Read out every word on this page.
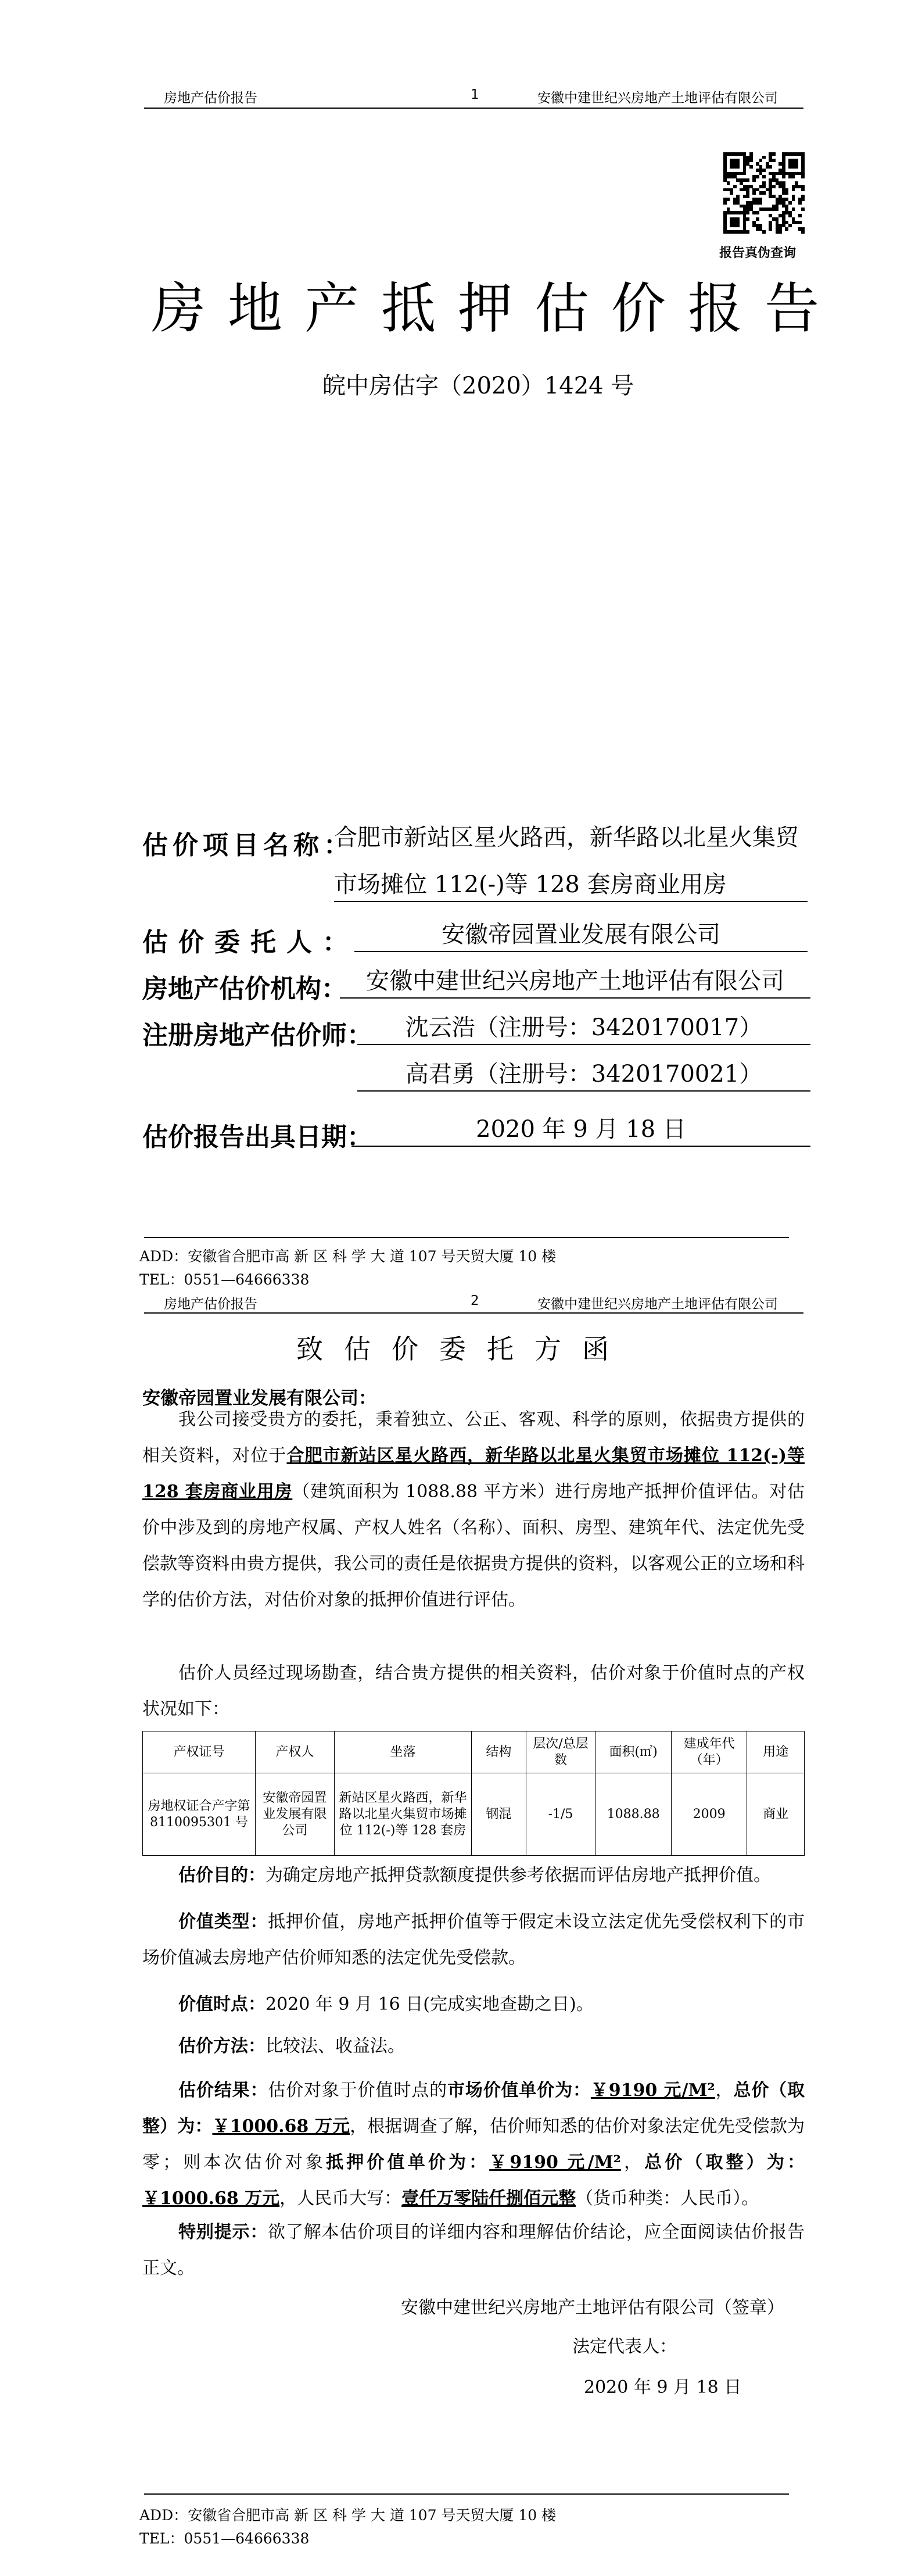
房地产估价报告	1	安徽中建世纪兴房地产土地评估有限公司
报告真伪查询
房地产抵押估价报告
皖中房估字（2020）1424 号
估价项目名称：
合肥市新站区星火路西，新华路以北星火集贸
市场摊位 112(-)等 128 套房商业用房
估价委托人：	安徽帝园置业发展有限公司
房地产估价机构： 安徽中建世纪兴房地产土地评估有限公司
注册房地产估价师：	沈云浩（注册号：3420170017）
高君勇（注册号：3420170021）
估价报告出具日期：	2020 年 9 月 18 日
ADD：安徽省合肥市高 新 区 科 学 大 道 107 号天贸大厦 10 楼
TEL：0551—64666338
房地产估价报告	2	安徽中建世纪兴房地产土地评估有限公司
致估价委托方函
安徽帝园置业发展有限公司：
我公司接受贵方的委托，秉着独立、公正、客观、科学的原则，依据贵方提供的相关资料，对位于合肥市新站区星火路西，新华路以北星火集贸市场摊位 112(-)等 128 套房商业用房（建筑面积为 1088.88 平方米）进行房地产抵押价值评估。对估价中涉及到的房地产权属、产权人姓名（名称）、面积、房型、建筑年代、法定优先受偿款等资料由贵方提供，我公司的责任是依据贵方提供的资料，以客观公正的立场和科学的估价方法，对估价对象的抵押价值进行评估。
估价人员经过现场勘查，结合贵方提供的相关资料，估价对象于价值时点的产权状况如下：
产权证号	产权人	坐落	结构	层次/总层数	面积(㎡)	建成年代（年）	用途
房地权证合产字第 8110095301 号	安徽帝园置业发展有限公司	新站区星火路西，新华路以北星火集贸市场摊位 112(-)等 128 套房	钢混	-1/5	1088.88	2009	商业
估价目的：为确定房地产抵押贷款额度提供参考依据而评估房地产抵押价值。
价值类型：抵押价值，房地产抵押价值等于假定未设立法定优先受偿权利下的市场价值减去房地产估价师知悉的法定优先受偿款。
价值时点：2020 年 9 月 16 日(完成实地查勘之日)。
估价方法：比较法、收益法。
估价结果：估价对象于价值时点的市场价值单价为：￥9190 元/M²，总价（取整）为：￥1000.68 万元，根据调查了解，估价师知悉的估价对象法定优先受偿款为零；则本次估价对象抵押价值单价为：￥9190 元/M²，总价（取整）为：￥1000.68 万元，人民币大写：壹仟万零陆仟捌佰元整（货币种类：人民币）。
特别提示：欲了解本估价项目的详细内容和理解估价结论，应全面阅读估价报告正文。
安徽中建世纪兴房地产土地评估有限公司（签章）
法定代表人：
2020 年 9 月 18 日
ADD：安徽省合肥市高 新 区 科 学 大 道 107 号天贸大厦 10 楼
TEL：0551—64666338
